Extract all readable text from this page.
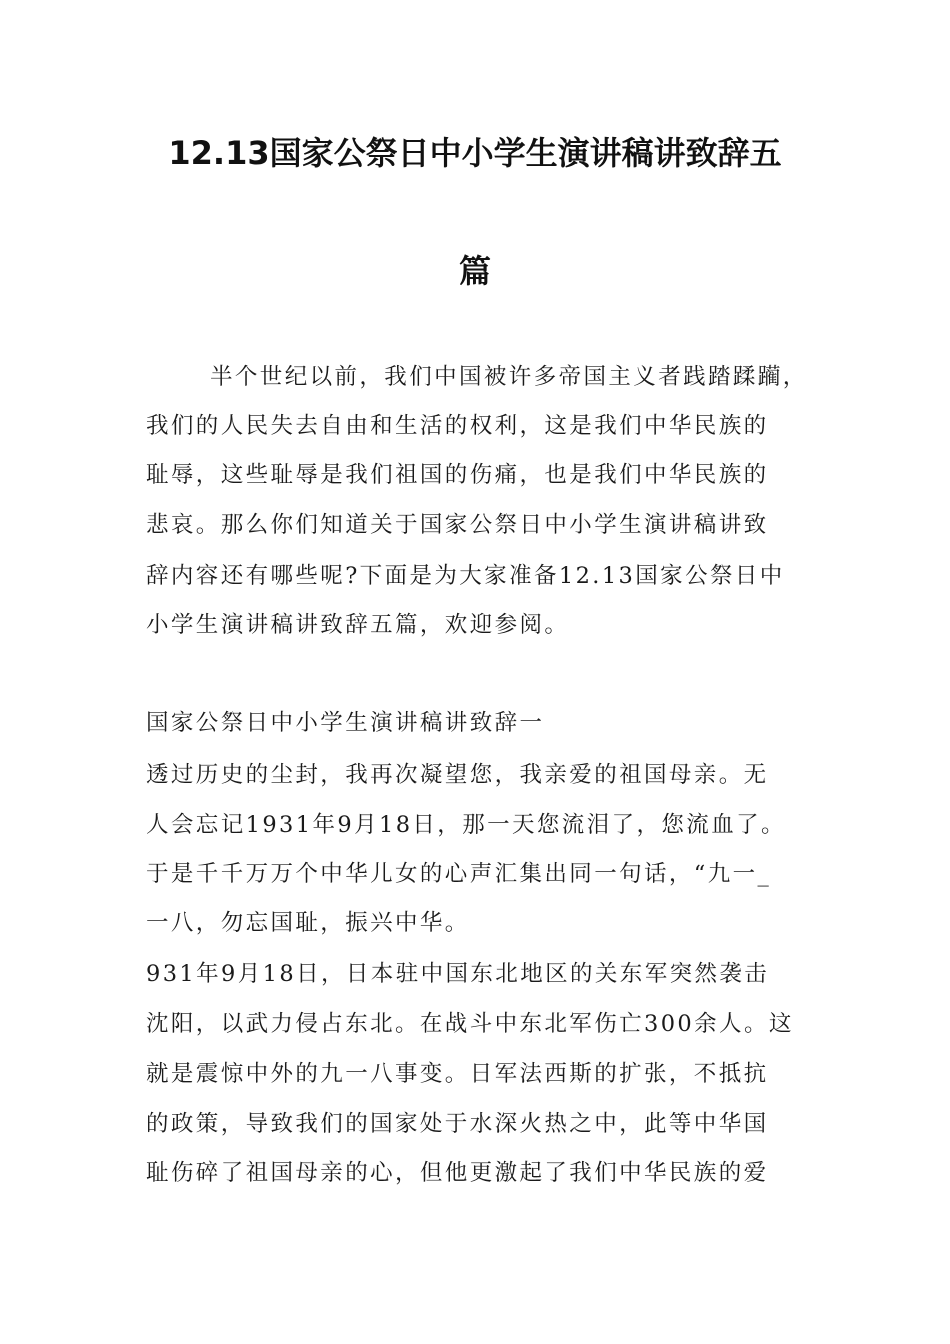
12.13国家公祭日中小学生演讲稿讲致辞五
篇
半个世纪以前，我们中国被许多帝国主义者践踏蹂躏，
我们的人民失去自由和生活的权利，这是我们中华民族的
耻辱，这些耻辱是我们祖国的伤痛，也是我们中华民族的
悲哀。那么你们知道关于国家公祭日中小学生演讲稿讲致
辞内容还有哪些呢?下面是为大家准备12.13国家公祭日中
小学生演讲稿讲致辞五篇，欢迎参阅。
国家公祭日中小学生演讲稿讲致辞一
透过历史的尘封，我再次凝望您，我亲爱的祖国母亲。无
人会忘记1931年9月18日，那一天您流泪了，您流血了。
于是千千万万个中华儿女的心声汇集出同一句话，“九一_
一八，勿忘国耻，振兴中华。
931年9月18日，日本驻中国东北地区的关东军突然袭击
沈阳，以武力侵占东北。在战斗中东北军伤亡300余人。这
就是震惊中外的九一八事变。日军法西斯的扩张，不抵抗
的政策，导致我们的国家处于水深火热之中，此等中华国
耻伤碎了祖国母亲的心，但他更激起了我们中华民族的爱
